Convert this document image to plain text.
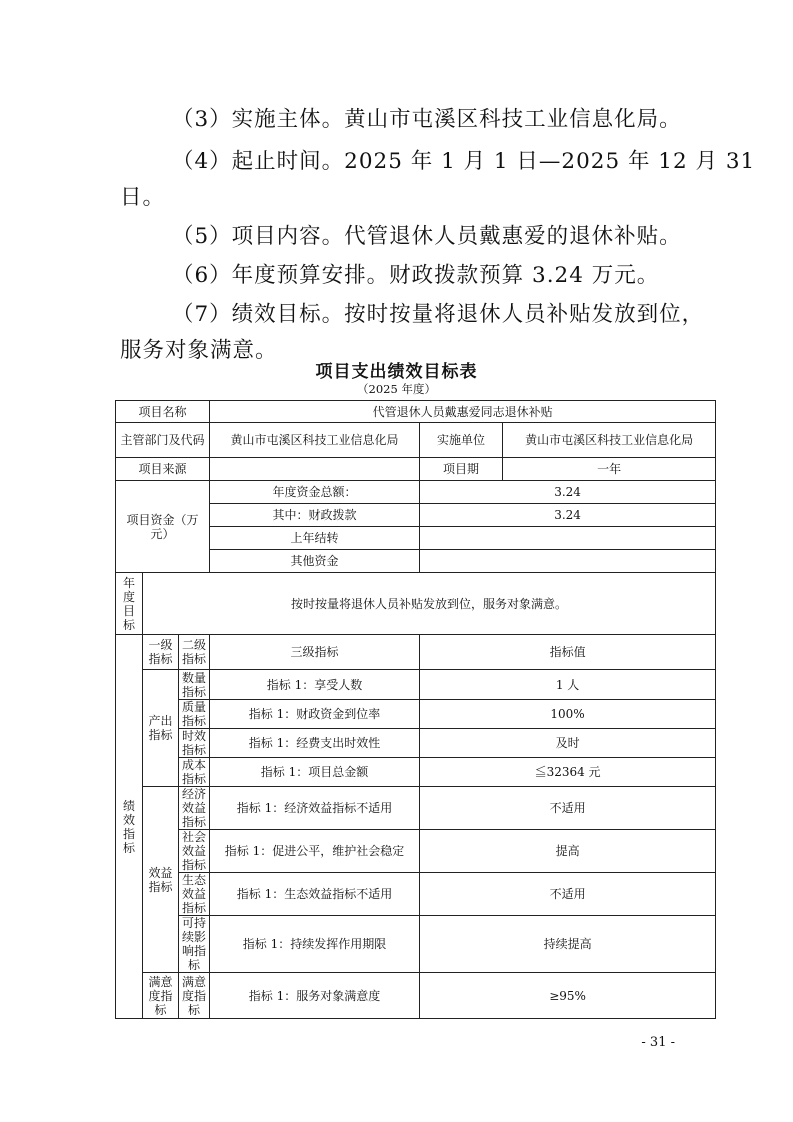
（3）实施主体。黄山市屯溪区科技工业信息化局。
（4）起止时间。2025 年 1 月 1 日—2025 年 12 月 31
日。
（5）项目内容。代管退休人员戴惠爱的退休补贴。
（6）年度预算安排。财政拨款预算 3.24 万元。
（7）绩效目标。按时按量将退休人员补贴发放到位，
服务对象满意。
项目支出绩效目标表
（2025 年度）
项目名称			代管退休人员戴惠爱同志退休补贴		
主管部门及代码			黄山市屯溪区科技工业信息化局	实施单位	黄山市屯溪区科技工业信息化局
项目来源				项目期	一年
项目资金（万元）			年度资金总额：	3.24	
			其中：财政拨款	3.24	
			上年结转		
			其他资金		
年度目标	按时按量将退休人员补贴发放到位，服务对象满意。				
绩效指标	一级指标	二级指标	三级指标	指标值	
	产出指标	数量指标	指标 1：享受人数	1 人	
		质量指标	指标 1：财政资金到位率	100%	
		时效指标	指标 1：经费支出时效性	及时	
		成本指标	指标 1：项目总金额	≦32364 元	
	效益指标	经济效益指标	指标 1：经济效益指标不适用	不适用	
		社会效益指标	指标 1：促进公平，维护社会稳定	提高	
		生态效益指标	指标 1：生态效益指标不适用	不适用	
		可持续影响指标	指标 1：持续发挥作用期限	持续提高	
	满意度指标	满意度指标	指标 1：服务对象满意度	≥95%	
- 31 -
